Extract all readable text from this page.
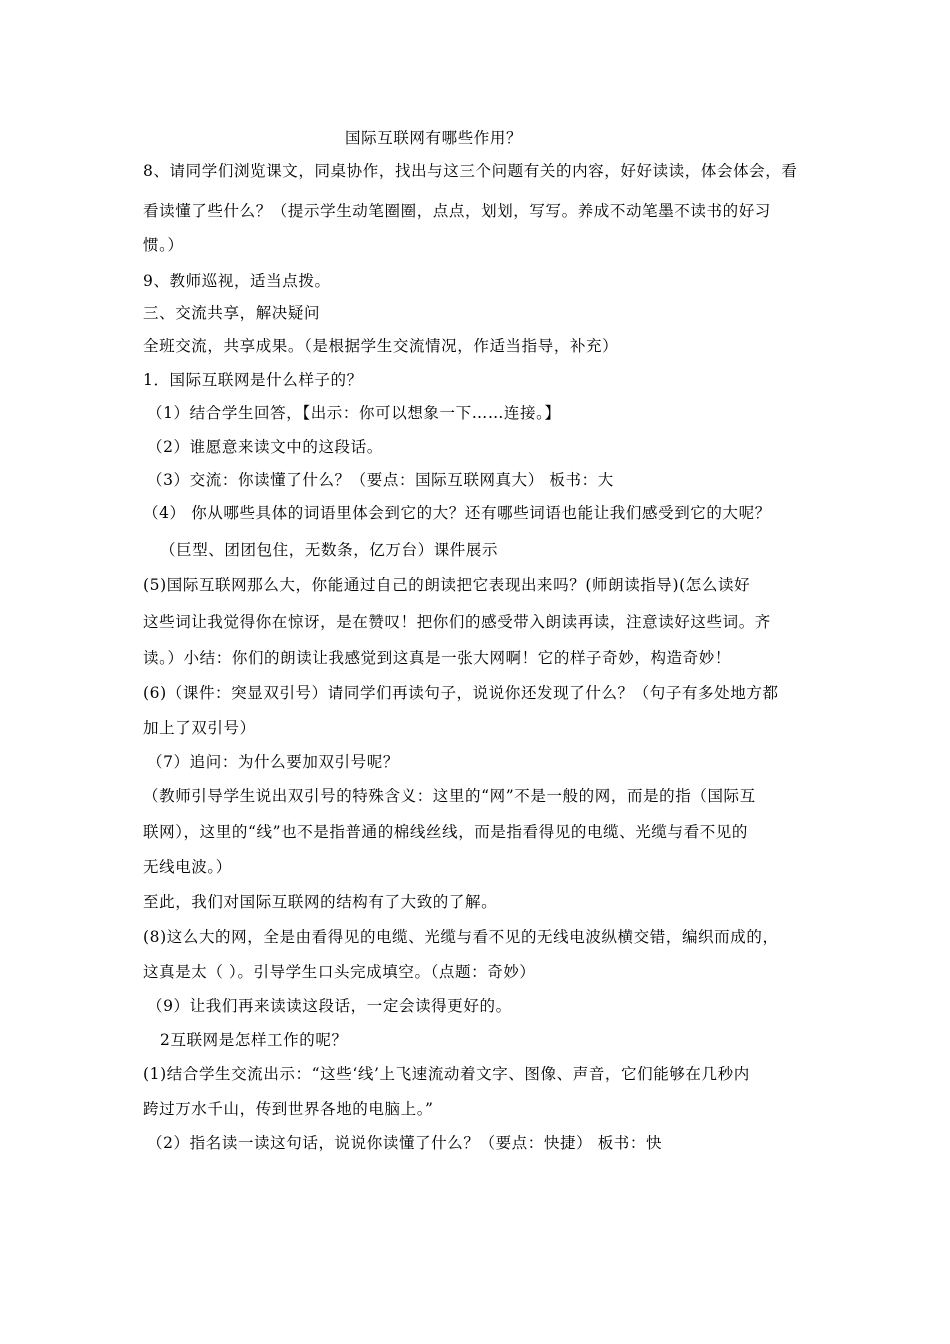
国际互联网有哪些作用？
8、请同学们浏览课文，同桌协作，找出与这三个问题有关的内容，好好读读，体会体会，看
看读懂了些什么？（提示学生动笔圈圈，点点，划划，写写。养成不动笔墨不读书的好习
惯。）
9、教师巡视，适当点拨。
三、交流共享，解决疑问
全班交流，共享成果。（是根据学生交流情况，作适当指导，补充）
1．国际互联网是什么样子的？
（1）结合学生回答，【出示：你可以想象一下……连接。】
（2）谁愿意来读文中的这段话。
（3）交流：你读懂了什么？（要点：国际互联网真大） 板书：大
（4） 你从哪些具体的词语里体会到它的大？还有哪些词语也能让我们感受到它的大呢？
（巨型、团团包住，无数条，亿万台）课件展示
(5)国际互联网那么大，你能通过自己的朗读把它表现出来吗？(师朗读指导)(怎么读好
这些词让我觉得你在惊讶，是在赞叹！把你们的感受带入朗读再读，注意读好这些词。齐
读。）小结：你们的朗读让我感觉到这真是一张大网啊！它的样子奇妙，构造奇妙！
(6)（课件：突显双引号）请同学们再读句子，说说你还发现了什么？（句子有多处地方都
加上了双引号）
（7）追问：为什么要加双引号呢？
（教师引导学生说出双引号的特殊含义：这里的“网”不是一般的网，而是的指（国际互
联网），这里的“线”也不是指普通的棉线丝线，而是指看得见的电缆、光缆与看不见的
无线电波。）
至此，我们对国际互联网的结构有了大致的了解。
(8)这么大的网，全是由看得见的电缆、光缆与看不见的无线电波纵横交错，编织而成的，
这真是太（ ）。引导学生口头完成填空。（点题：奇妙）
（9）让我们再来读读这段话，一定会读得更好的。
2互联网是怎样工作的呢？
(1)结合学生交流出示：“这些‘线’上飞速流动着文字、图像、声音，它们能够在几秒内
跨过万水千山，传到世界各地的电脑上。”
（2）指名读一读这句话，说说你读懂了什么？（要点：快捷） 板书：快
